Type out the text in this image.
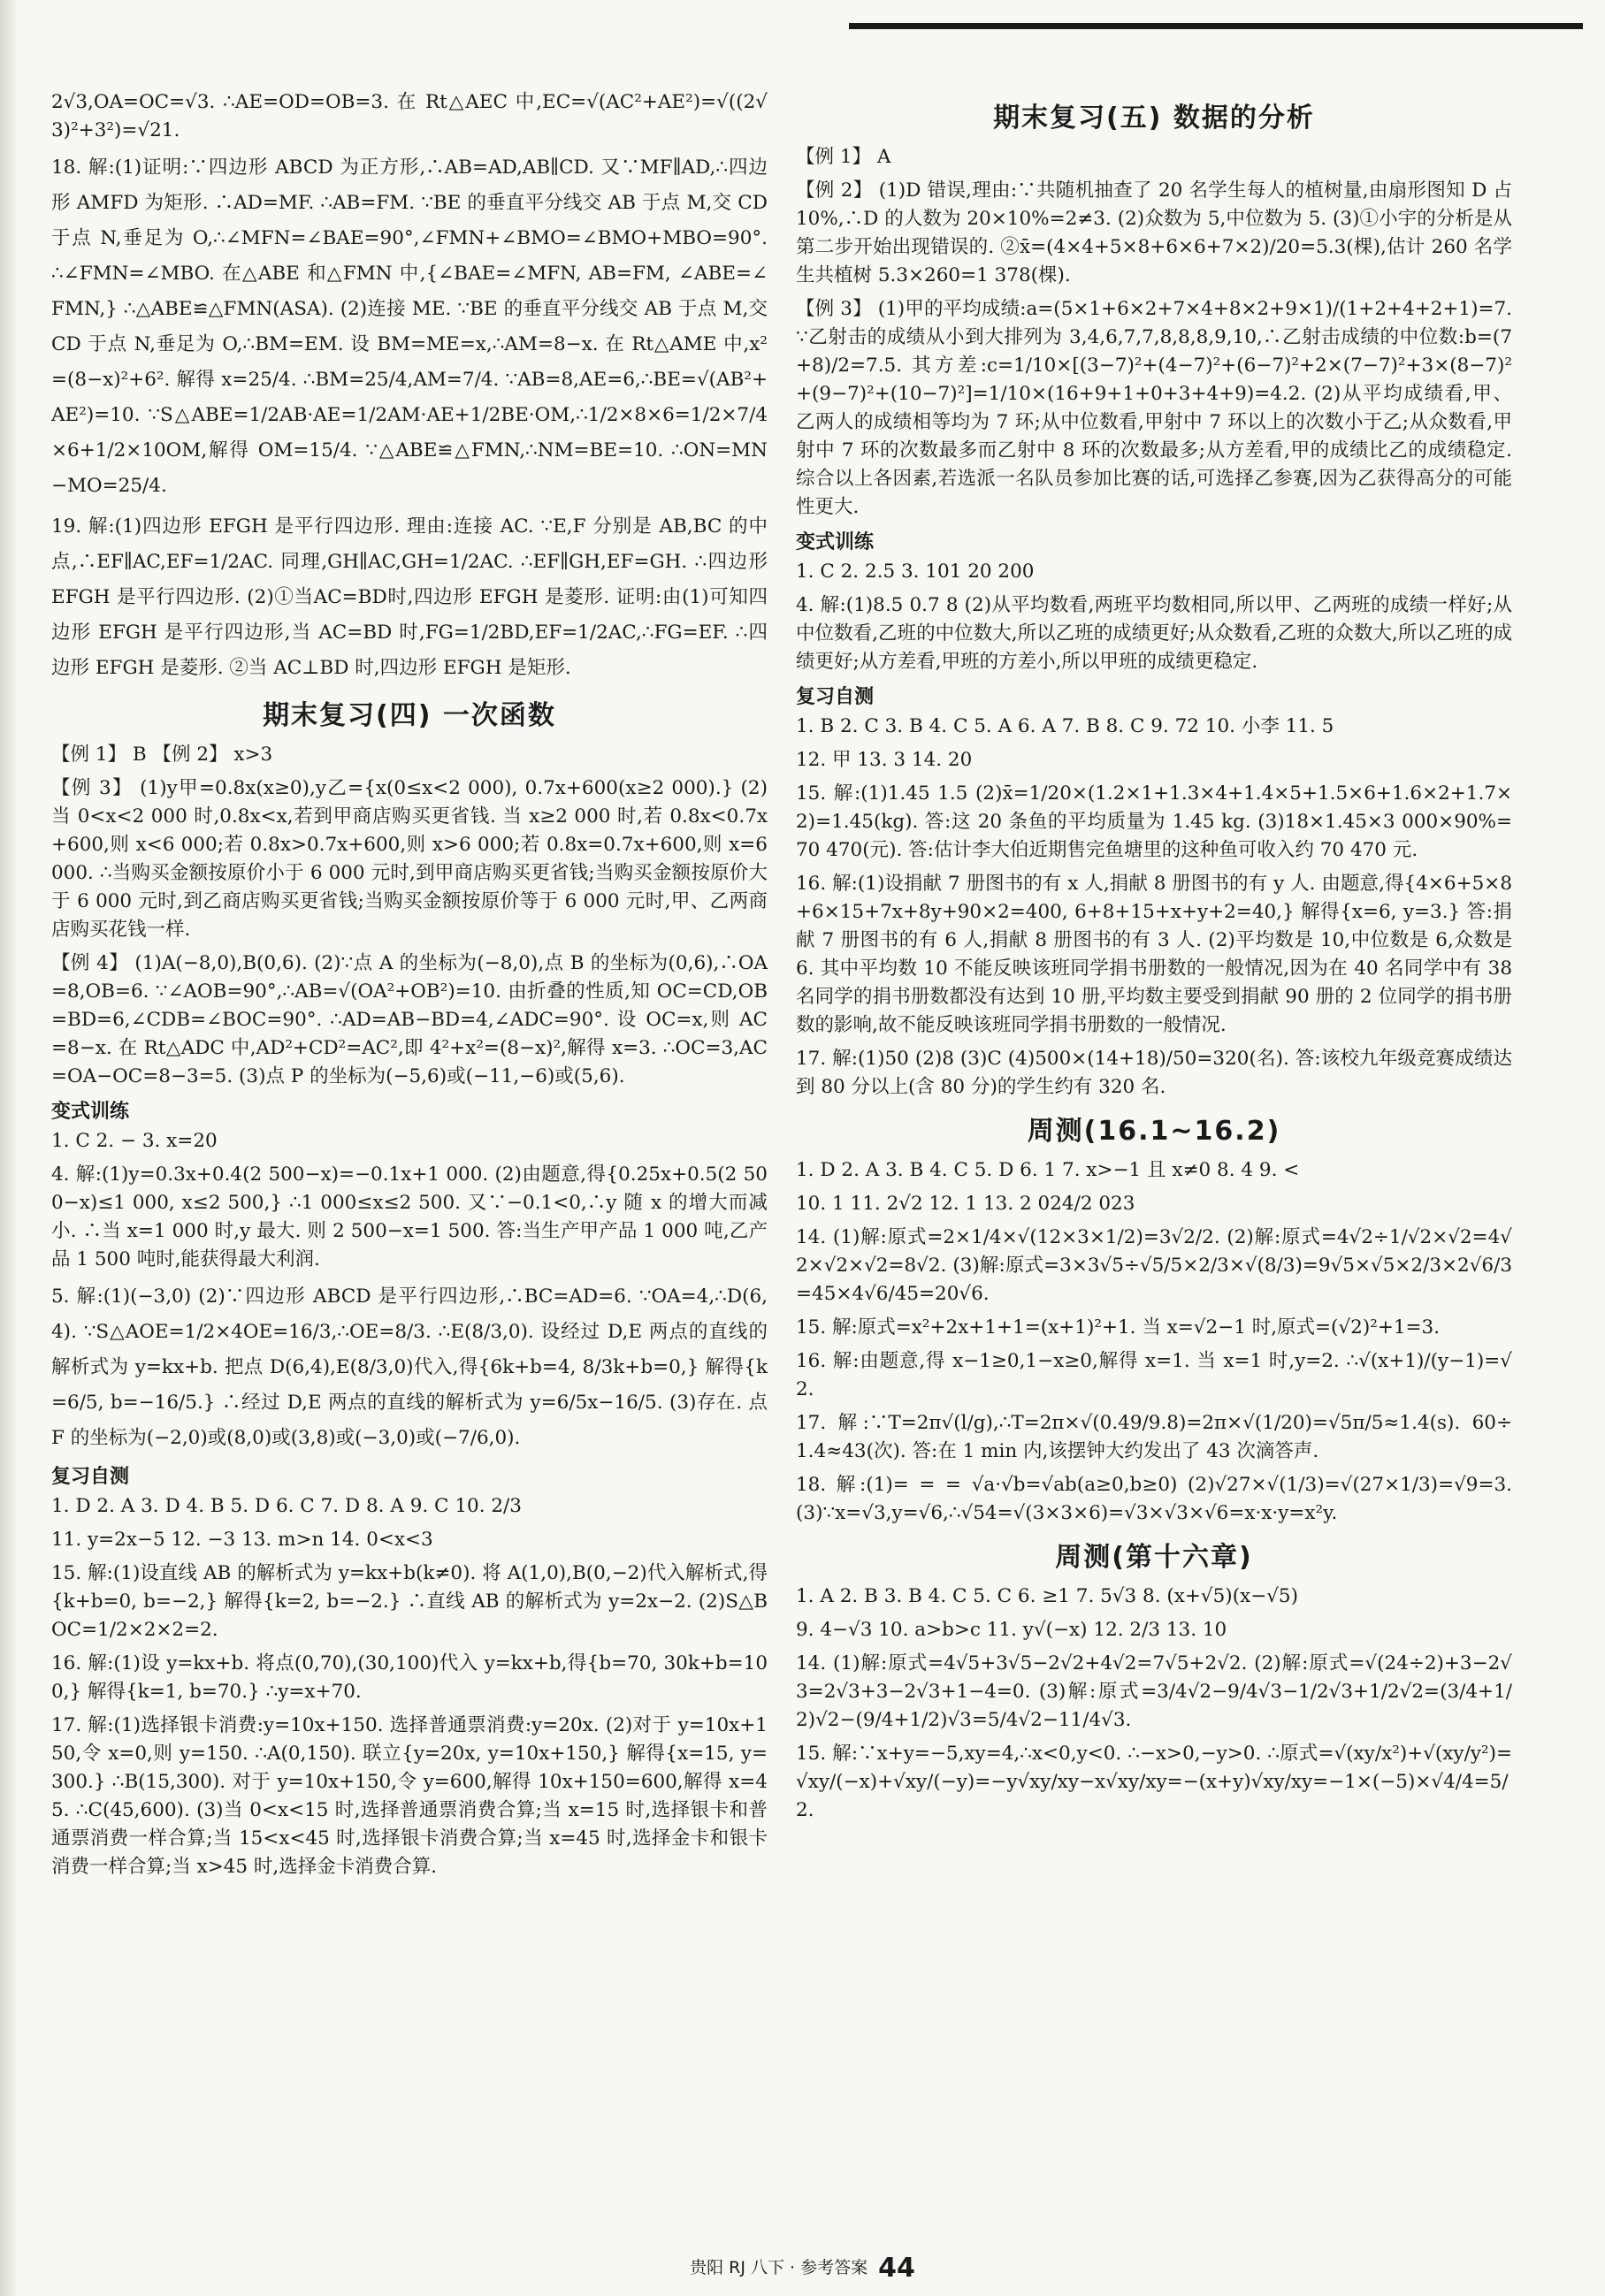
2√3,OA=OC=√3. ∴AE=OD=OB=3. 在 Rt△AEC 中,EC=√(AC²+AE²)=√((2√3)²+3²)=√21.

18. 解:(1)证明:∵四边形 ABCD 为正方形,∴AB=AD,AB∥CD. 又∵MF∥AD,∴四边形 AMFD 为矩形. ∴AD=MF. ∴AB=FM. ∵BE 的垂直平分线交 AB 于点 M,交 CD 于点 N,垂足为 O,∴∠MFN=∠BAE=90°,∠FMN+∠BMO=∠BMO+MBO=90°. ∴∠FMN=∠MBO. 在△ABE 和△FMN 中,{∠BAE=∠MFN, AB=FM, ∠ABE=∠FMN,} ∴△ABE≌△FMN(ASA). (2)连接 ME. ∵BE 的垂直平分线交 AB 于点 M,交 CD 于点 N,垂足为 O,∴BM=EM. 设 BM=ME=x,∴AM=8−x. 在 Rt△AME 中,x²=(8−x)²+6². 解得 x=25/4. ∴BM=25/4,AM=7/4. ∵AB=8,AE=6,∴BE=√(AB²+AE²)=10. ∵S△ABE=1/2AB·AE=1/2AM·AE+1/2BE·OM,∴1/2×8×6=1/2×7/4×6+1/2×10OM,解得 OM=15/4. ∵△ABE≌△FMN,∴NM=BE=10. ∴ON=MN−MO=25/4.

19. 解:(1)四边形 EFGH 是平行四边形. 理由:连接 AC. ∵E,F 分别是 AB,BC 的中点,∴EF∥AC,EF=1/2AC. 同理,GH∥AC,GH=1/2AC. ∴EF∥GH,EF=GH. ∴四边形 EFGH 是平行四边形. (2)①当AC=BD时,四边形 EFGH 是菱形. 证明:由(1)可知四边形 EFGH 是平行四边形,当 AC=BD 时,FG=1/2BD,EF=1/2AC,∴FG=EF. ∴四边形 EFGH 是菱形. ②当 AC⊥BD 时,四边形 EFGH 是矩形.

期末复习(四) 一次函数

【例 1】 B 【例 2】 x>3

【例 3】 (1)y甲=0.8x(x≥0),y乙={x(0≤x<2 000), 0.7x+600(x≥2 000).} (2)当 0<x<2 000 时,0.8x<x,若到甲商店购买更省钱. 当 x≥2 000 时,若 0.8x<0.7x+600,则 x<6 000;若 0.8x>0.7x+600,则 x>6 000;若 0.8x=0.7x+600,则 x=6 000. ∴当购买金额按原价小于 6 000 元时,到甲商店购买更省钱;当购买金额按原价大于 6 000 元时,到乙商店购买更省钱;当购买金额按原价等于 6 000 元时,甲、乙两商店购买花钱一样.

【例 4】 (1)A(−8,0),B(0,6). (2)∵点 A 的坐标为(−8,0),点 B 的坐标为(0,6),∴OA=8,OB=6. ∵∠AOB=90°,∴AB=√(OA²+OB²)=10. 由折叠的性质,知 OC=CD,OB=BD=6,∠CDB=∠BOC=90°. ∴AD=AB−BD=4,∠ADC=90°. 设 OC=x,则 AC=8−x. 在 Rt△ADC 中,AD²+CD²=AC²,即 4²+x²=(8−x)²,解得 x=3. ∴OC=3,AC=OA−OC=8−3=5. (3)点 P 的坐标为(−5,6)或(−11,−6)或(5,6).

变式训练

1. C 2. − 3. x=20

4. 解:(1)y=0.3x+0.4(2 500−x)=−0.1x+1 000. (2)由题意,得{0.25x+0.5(2 500−x)≤1 000, x≤2 500,} ∴1 000≤x≤2 500. 又∵−0.1<0,∴y 随 x 的增大而减小. ∴当 x=1 000 时,y 最大. 则 2 500−x=1 500. 答:当生产甲产品 1 000 吨,乙产品 1 500 吨时,能获得最大利润.

5. 解:(1)(−3,0) (2)∵四边形 ABCD 是平行四边形,∴BC=AD=6. ∵OA=4,∴D(6,4). ∵S△AOE=1/2×4OE=16/3,∴OE=8/3. ∴E(8/3,0). 设经过 D,E 两点的直线的解析式为 y=kx+b. 把点 D(6,4),E(8/3,0)代入,得{6k+b=4, 8/3k+b=0,} 解得{k=6/5, b=−16/5.} ∴经过 D,E 两点的直线的解析式为 y=6/5x−16/5. (3)存在. 点 F 的坐标为(−2,0)或(8,0)或(3,8)或(−3,0)或(−7/6,0).

复习自测

1. D 2. A 3. D 4. B 5. D 6. C 7. D 8. A 9. C 10. 2/3

11. y=2x−5 12. −3 13. m>n 14. 0<x<3

15. 解:(1)设直线 AB 的解析式为 y=kx+b(k≠0). 将 A(1,0),B(0,−2)代入解析式,得{k+b=0, b=−2,} 解得{k=2, b=−2.} ∴直线 AB 的解析式为 y=2x−2. (2)S△BOC=1/2×2×2=2.

16. 解:(1)设 y=kx+b. 将点(0,70),(30,100)代入 y=kx+b,得{b=70, 30k+b=100,} 解得{k=1, b=70.} ∴y=x+70.

17. 解:(1)选择银卡消费:y=10x+150. 选择普通票消费:y=20x. (2)对于 y=10x+150,令 x=0,则 y=150. ∴A(0,150). 联立{y=20x, y=10x+150,} 解得{x=15, y=300.} ∴B(15,300). 对于 y=10x+150,令 y=600,解得 10x+150=600,解得 x=45. ∴C(45,600). (3)当 0<x<15 时,选择普通票消费合算;当 x=15 时,选择银卡和普通票消费一样合算;当 15<x<45 时,选择银卡消费合算;当 x=45 时,选择金卡和银卡消费一样合算;当 x>45 时,选择金卡消费合算.

期末复习(五) 数据的分析

【例 1】 A

【例 2】 (1)D 错误,理由:∵共随机抽查了 20 名学生每人的植树量,由扇形图知 D 占 10%,∴D 的人数为 20×10%=2≠3. (2)众数为 5,中位数为 5. (3)①小宇的分析是从第二步开始出现错误的. ②x̄=(4×4+5×8+6×6+7×2)/20=5.3(棵),估计 260 名学生共植树 5.3×260=1 378(棵).

【例 3】 (1)甲的平均成绩:a=(5×1+6×2+7×4+8×2+9×1)/(1+2+4+2+1)=7. ∵乙射击的成绩从小到大排列为 3,4,6,7,7,8,8,8,9,10,∴乙射击成绩的中位数:b=(7+8)/2=7.5. 其方差:c=1/10×[(3−7)²+(4−7)²+(6−7)²+2×(7−7)²+3×(8−7)²+(9−7)²+(10−7)²]=1/10×(16+9+1+0+3+4+9)=4.2. (2)从平均成绩看,甲、乙两人的成绩相等均为 7 环;从中位数看,甲射中 7 环以上的次数小于乙;从众数看,甲射中 7 环的次数最多而乙射中 8 环的次数最多;从方差看,甲的成绩比乙的成绩稳定. 综合以上各因素,若选派一名队员参加比赛的话,可选择乙参赛,因为乙获得高分的可能性更大.

变式训练

1. C 2. 2.5 3. 101 20 200

4. 解:(1)8.5 0.7 8 (2)从平均数看,两班平均数相同,所以甲、乙两班的成绩一样好;从中位数看,乙班的中位数大,所以乙班的成绩更好;从众数看,乙班的众数大,所以乙班的成绩更好;从方差看,甲班的方差小,所以甲班的成绩更稳定.

复习自测

1. B 2. C 3. B 4. C 5. A 6. A 7. B 8. C 9. 72 10. 小李 11. 5

12. 甲 13. 3 14. 20

15. 解:(1)1.45 1.5 (2)x̄=1/20×(1.2×1+1.3×4+1.4×5+1.5×6+1.6×2+1.7×2)=1.45(kg). 答:这 20 条鱼的平均质量为 1.45 kg. (3)18×1.45×3 000×90%=70 470(元). 答:估计李大伯近期售完鱼塘里的这种鱼可收入约 70 470 元.

16. 解:(1)设捐献 7 册图书的有 x 人,捐献 8 册图书的有 y 人. 由题意,得{4×6+5×8+6×15+7x+8y+90×2=400, 6+8+15+x+y+2=40,} 解得{x=6, y=3.} 答:捐献 7 册图书的有 6 人,捐献 8 册图书的有 3 人. (2)平均数是 10,中位数是 6,众数是 6. 其中平均数 10 不能反映该班同学捐书册数的一般情况,因为在 40 名同学中有 38 名同学的捐书册数都没有达到 10 册,平均数主要受到捐献 90 册的 2 位同学的捐书册数的影响,故不能反映该班同学捐书册数的一般情况.

17. 解:(1)50 (2)8 (3)C (4)500×(14+18)/50=320(名). 答:该校九年级竞赛成绩达到 80 分以上(含 80 分)的学生约有 320 名.

周测(16.1~16.2)

1. D 2. A 3. B 4. C 5. D 6. 1 7. x>−1 且 x≠0 8. 4 9. <

10. 1 11. 2√2 12. 1 13. 2 024/2 023

14. (1)解:原式=2×1/4×√(12×3×1/2)=3√2/2. (2)解:原式=4√2÷1/√2×√2=4√2×√2×√2=8√2. (3)解:原式=3×3√5÷√5/5×2/3×√(8/3)=9√5×√5×2/3×2√6/3=45×4√6/45=20√6.

15. 解:原式=x²+2x+1+1=(x+1)²+1. 当 x=√2−1 时,原式=(√2)²+1=3.

16. 解:由题意,得 x−1≥0,1−x≥0,解得 x=1. 当 x=1 时,y=2. ∴√(x+1)/(y−1)=√2.

17. 解:∵T=2π√(l/g),∴T=2π×√(0.49/9.8)=2π×√(1/20)=√5π/5≈1.4(s). 60÷1.4≈43(次). 答:在 1 min 内,该摆钟大约发出了 43 次滴答声.

18. 解:(1)= = = √a·√b=√ab(a≥0,b≥0) (2)√27×√(1/3)=√(27×1/3)=√9=3. (3)∵x=√3,y=√6,∴√54=√(3×3×6)=√3×√3×√6=x·x·y=x²y.

周测(第十六章)

1. A 2. B 3. B 4. C 5. C 6. ≥1 7. 5√3 8. (x+√5)(x−√5)

9. 4−√3 10. a>b>c 11. y√(−x) 12. 2/3 13. 10

14. (1)解:原式=4√5+3√5−2√2+4√2=7√5+2√2. (2)解:原式=√(24÷2)+3−2√3=2√3+3−2√3+1−4=0. (3)解:原式=3/4√2−9/4√3−1/2√3+1/2√2=(3/4+1/2)√2−(9/4+1/2)√3=5/4√2−11/4√3.

15. 解:∵x+y=−5,xy=4,∴x<0,y<0. ∴−x>0,−y>0. ∴原式=√(xy/x²)+√(xy/y²)=√xy/(−x)+√xy/(−y)=−y√xy/xy−x√xy/xy=−(x+y)√xy/xy=−1×(−5)×√4/4=5/2.

贵阳 RJ 八下 · 参考答案 44
